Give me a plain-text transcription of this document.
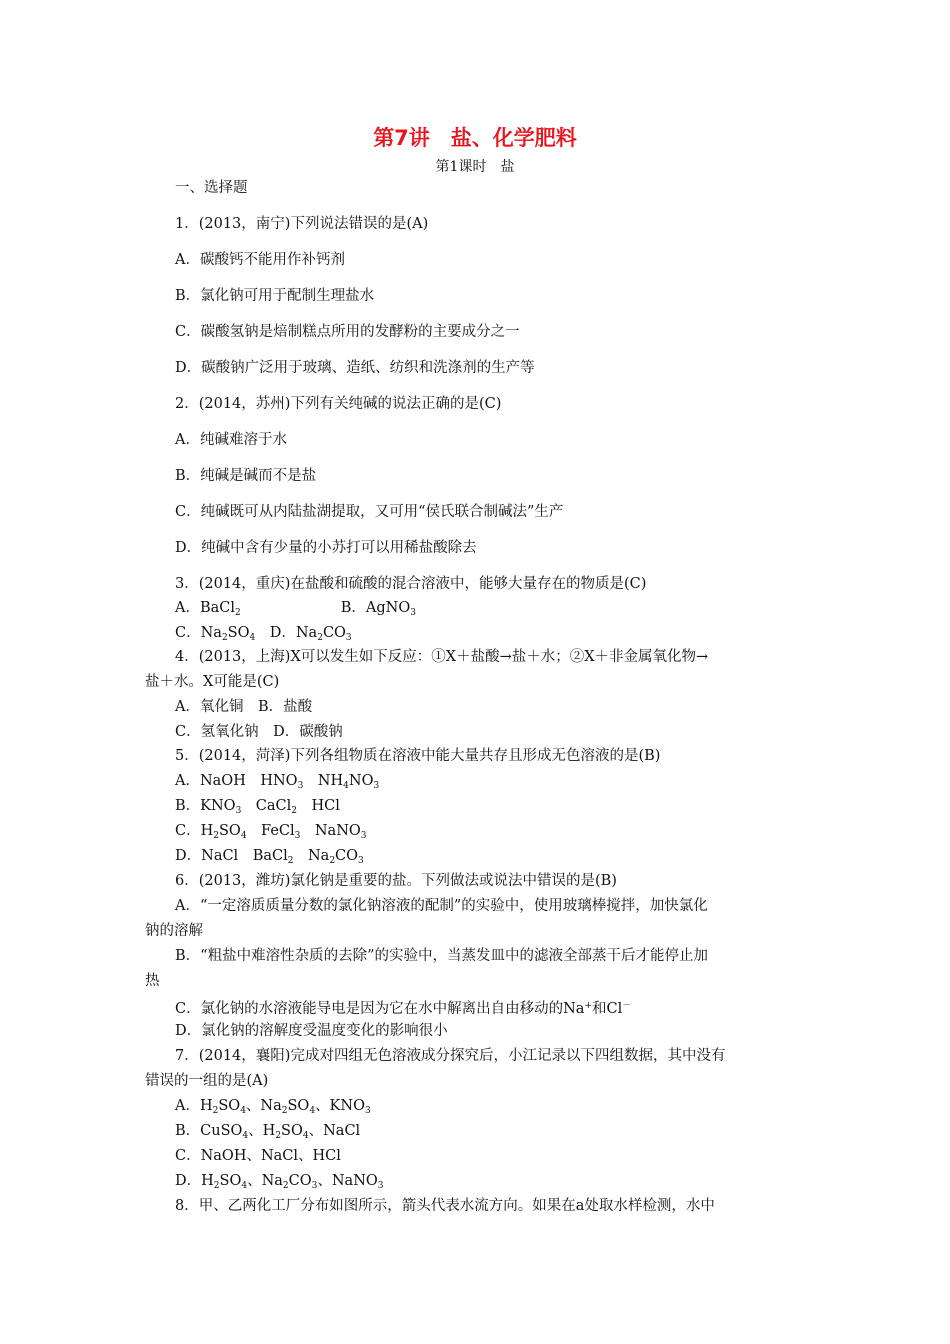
第7讲　盐、化学肥料
第1课时　盐
一、选择题
1．(2013，南宁)下列说法错误的是(A)
A．碳酸钙不能用作补钙剂
B．氯化钠可用于配制生理盐水
C．碳酸氢钠是焙制糕点所用的发酵粉的主要成分之一
D．碳酸钠广泛用于玻璃、造纸、纺织和洗涤剂的生产等
2．(2014，苏州)下列有关纯碱的说法正确的是(C)
A．纯碱难溶于水
B．纯碱是碱而不是盐
C．纯碱既可从内陆盐湖提取，又可用“侯氏联合制碱法”生产
D．纯碱中含有少量的小苏打可以用稀盐酸除去
3．(2014，重庆)在盐酸和硫酸的混合溶液中，能够大量存在的物质是(C)
A．BaCl$_2$	B．AgNO$_3$
C．$Na_2SO_4$　D．$Na_2CO_3$
4．(2013，上海)X可以发生如下反应：①X＋盐酸→盐＋水；②X＋非金属氧化物→
盐＋水。X可能是(C)
A．氧化铜　B．盐酸
C．氢氧化钠　D．碳酸钠
5．(2014，菏泽)下列各组物质在溶液中能大量共存且形成无色溶液的是(B)
A．NaOH　$HNO_3$　$NH_4NO_3$
B．$KNO_3$　CaCl$_2$　HCl
C．$H_2SO_4$　FeCl$_3$　NaNO$_3$
D．NaCl　BaCl$_2$　$Na_2CO_3$
6．(2013，潍坊)氯化钠是重要的盐。下列做法或说法中错误的是(B)
A．“一定溶质质量分数的氯化钠溶液的配制”的实验中，使用玻璃棒搅拌，加快氯化
钠的溶解
B．“粗盐中难溶性杂质的去除”的实验中，当蒸发皿中的滤液全部蒸干后才能停止加
热
C．氯化钠的水溶液能导电是因为它在水中解离出自由移动的Na+和Cl－
D．氯化钠的溶解度受温度变化的影响很小
7．(2014，襄阳)完成对四组无色溶液成分探究后，小江记录以下四组数据，其中没有
错误的一组的是(A)
A．$H_2SO_4$、$Na_2SO_4$、$KNO_3$
B．CuSO$_4$、$H_2SO_4$、NaCl
C．NaOH、NaCl、HCl
D．$H_2SO_4$、$Na_2CO_3$、NaNO$_3$
8．甲、乙两化工厂分布如图所示，箭头代表水流方向。如果在a处取水样检测，水中
